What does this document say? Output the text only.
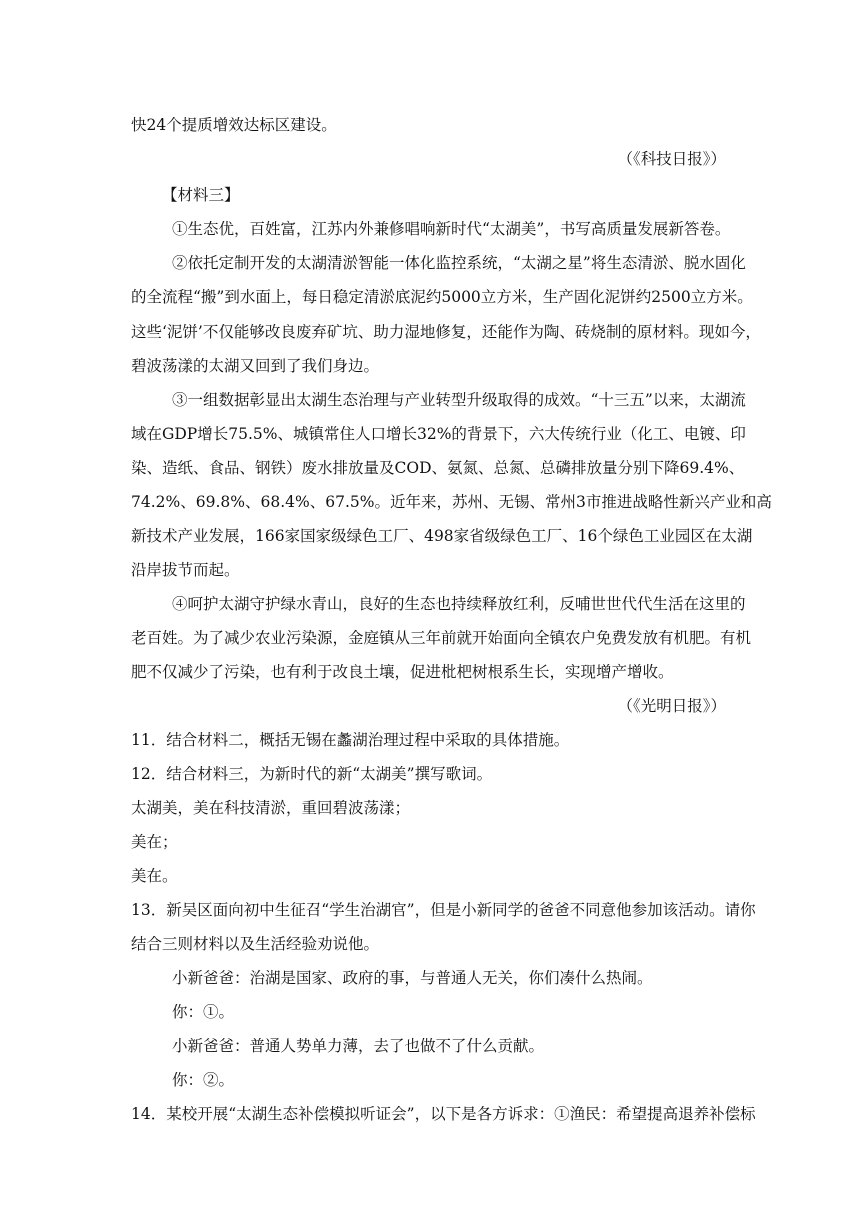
快24个提质增效达标区建设。
（《科技日报》）
【材料三】
①生态优，百姓富，江苏内外兼修唱响新时代“太湖美”，书写高质量发展新答卷。
②依托定制开发的太湖清淤智能一体化监控系统，“太湖之星”将生态清淤、脱水固化
的全流程“搬”到水面上，每日稳定清淤底泥约5000立方米，生产固化泥饼约2500立方米。
这些‘泥饼’不仅能够改良废弃矿坑、助力湿地修复，还能作为陶、砖烧制的原材料。现如今，
碧波荡漾的太湖又回到了我们身边。
③一组数据彰显出太湖生态治理与产业转型升级取得的成效。“十三五”以来，太湖流
域在GDP增长75.5%、城镇常住人口增长32%的背景下，六大传统行业（化工、电镀、印
染、造纸、食品、钢铁）废水排放量及COD、氨氮、总氮、总磷排放量分别下降69.4%、
74.2%、69.8%、68.4%、67.5%。近年来，苏州、无锡、常州3市推进战略性新兴产业和高
新技术产业发展，166家国家级绿色工厂、498家省级绿色工厂、16个绿色工业园区在太湖
沿岸拔节而起。
④呵护太湖守护绿水青山，良好的生态也持续释放红利，反哺世世代代生活在这里的
老百姓。为了减少农业污染源，金庭镇从三年前就开始面向全镇农户免费发放有机肥。有机
肥不仅减少了污染，也有利于改良土壤，促进枇杷树根系生长，实现增产增收。
（《光明日报》）
11．结合材料二，概括无锡在蠡湖治理过程中采取的具体措施。
12．结合材料三，为新时代的新“太湖美”撰写歌词。
太湖美，美在科技清淤，重回碧波荡漾；
美在；
美在。
13．新吴区面向初中生征召“学生治湖官”，但是小新同学的爸爸不同意他参加该活动。请你
结合三则材料以及生活经验劝说他。
小新爸爸：治湖是国家、政府的事，与普通人无关，你们凑什么热闹。
你：①。
小新爸爸：普通人势单力薄，去了也做不了什么贡献。
你：②。
14．某校开展“太湖生态补偿模拟听证会”，以下是各方诉求：①渔民：希望提高退养补偿标
